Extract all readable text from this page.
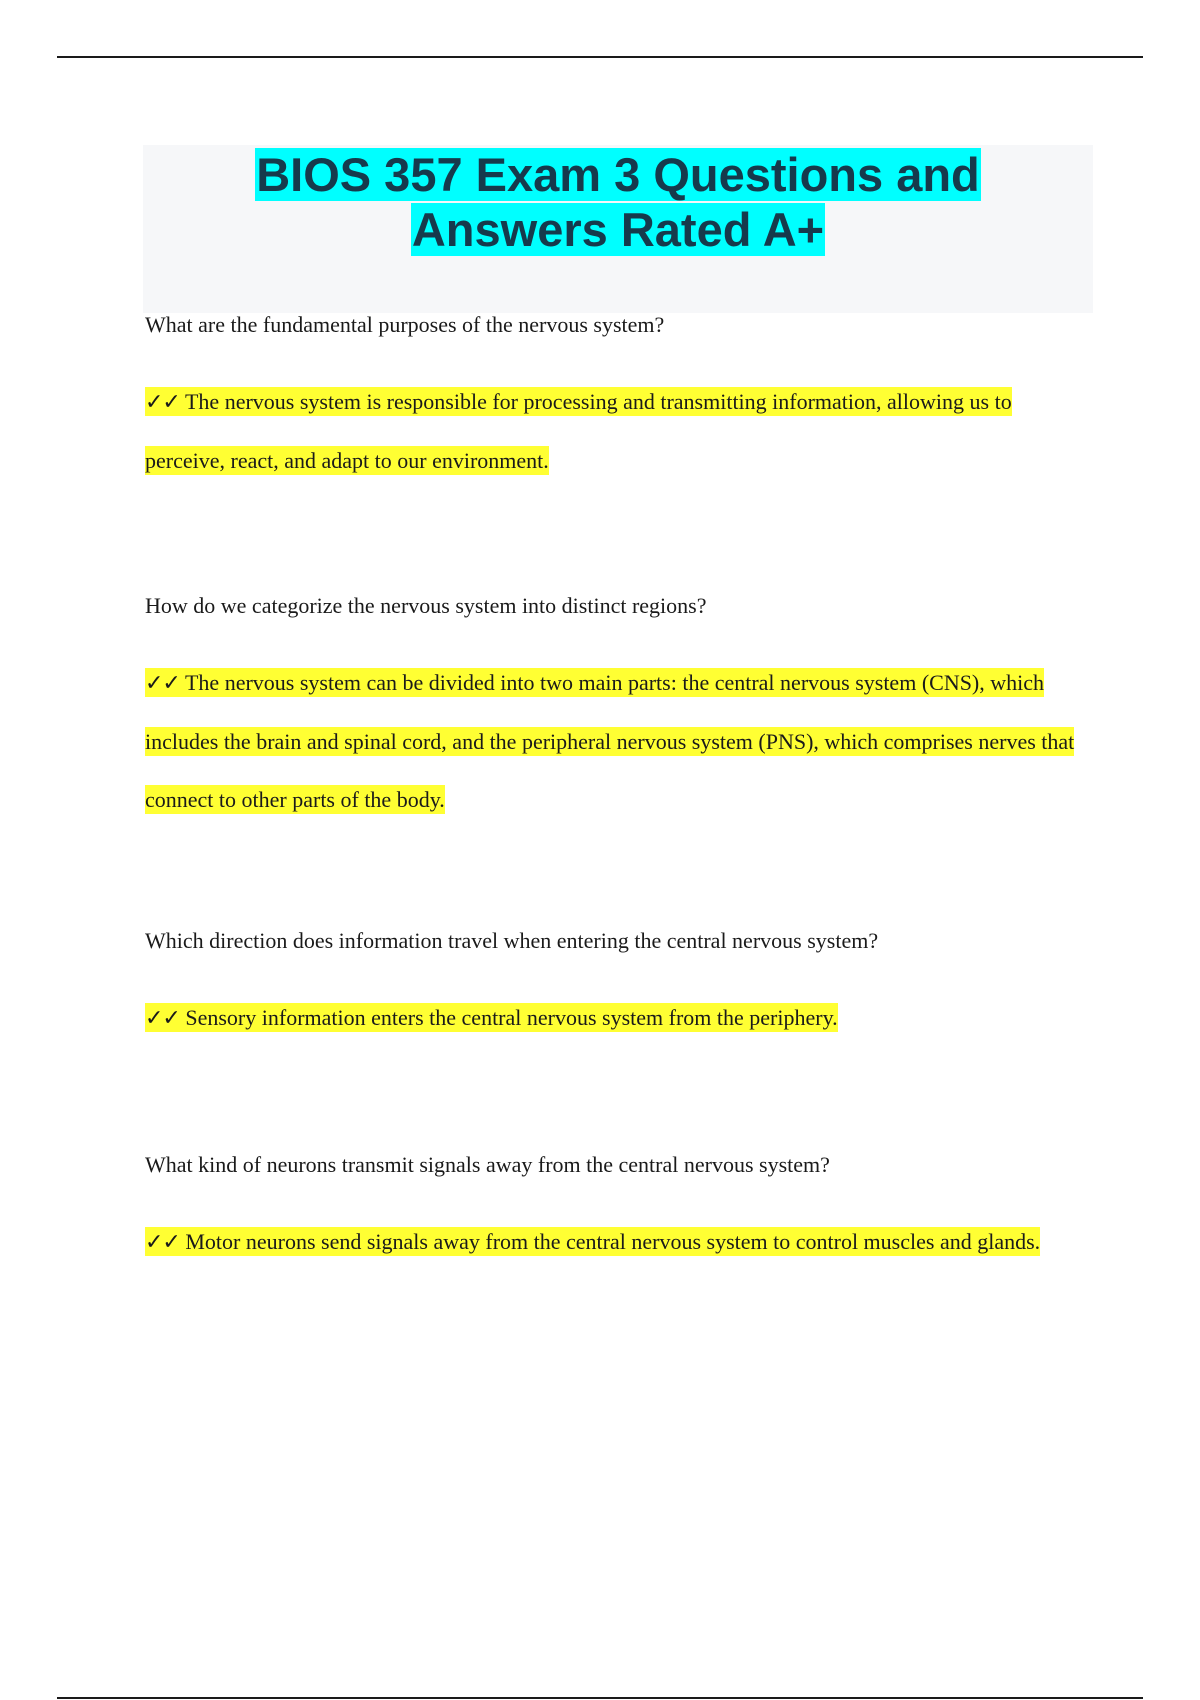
BIOS 357 Exam 3 Questions and
Answers Rated A+

What are the fundamental purposes of the nervous system?

✓✓ The nervous system is responsible for processing and transmitting information, allowing us to perceive, react, and adapt to our environment.

How do we categorize the nervous system into distinct regions?

✓✓ The nervous system can be divided into two main parts: the central nervous system (CNS), which includes the brain and spinal cord, and the peripheral nervous system (PNS), which comprises nerves that connect to other parts of the body.

Which direction does information travel when entering the central nervous system?

✓✓ Sensory information enters the central nervous system from the periphery.

What kind of neurons transmit signals away from the central nervous system?

✓✓ Motor neurons send signals away from the central nervous system to control muscles and glands.
